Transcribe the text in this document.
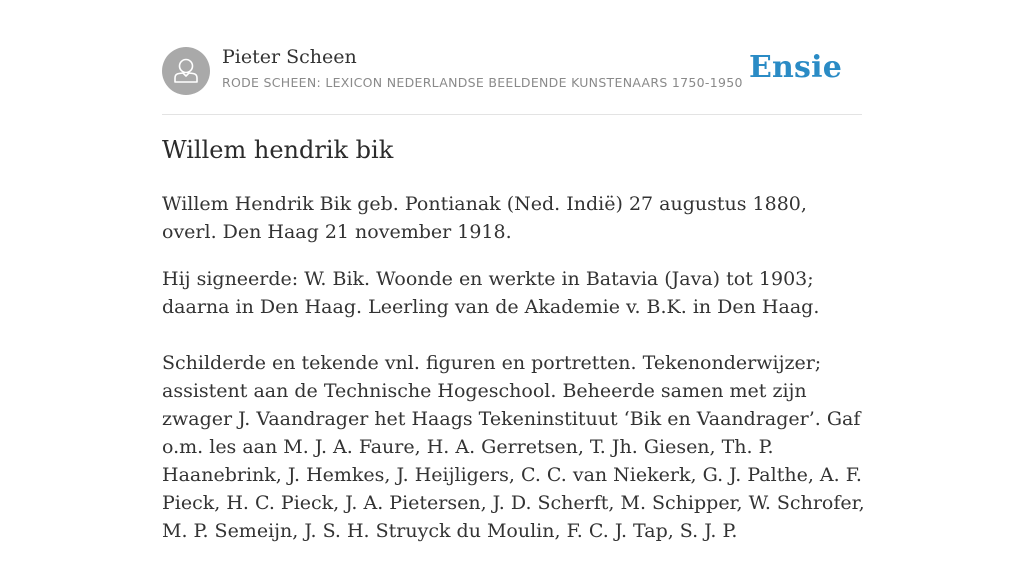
Pieter Scheen
RODE SCHEEN: LEXICON NEDERLANDSE BEELDENDE KUNSTENAARS 1750-1950 Ensie
Willem hendrik bik

Willem Hendrik Bik geb. Pontianak (Ned. Indië) 27 augustus 1880, overl. Den Haag 21 november 1918.

Hij signeerde: W. Bik. Woonde en werkte in Batavia (Java) tot 1903; daarna in Den Haag. Leerling van de Akademie v. B.K. in Den Haag.

Schilderde en tekende vnl. figuren en portretten. Tekenonderwijzer; assistent aan de Technische Hogeschool. Beheerde samen met zijn zwager J. Vaandrager het Haags Tekeninstituut ‘Bik en Vaandrager’. Gaf o.m. les aan M. J. A. Faure, H. A. Gerretsen, T. Jh. Giesen, Th. P. Haanebrink, J. Hemkes, J. Heijligers, C. C. van Niekerk, G. J. Palthe, A. F. Pieck, H. C. Pieck, J. A. Pietersen, J. D. Scherft, M. Schipper, W. Schrofer, M. P. Semeijn, J. S. H. Struyck du Moulin, F. C. J. Tap, S. J. P.
